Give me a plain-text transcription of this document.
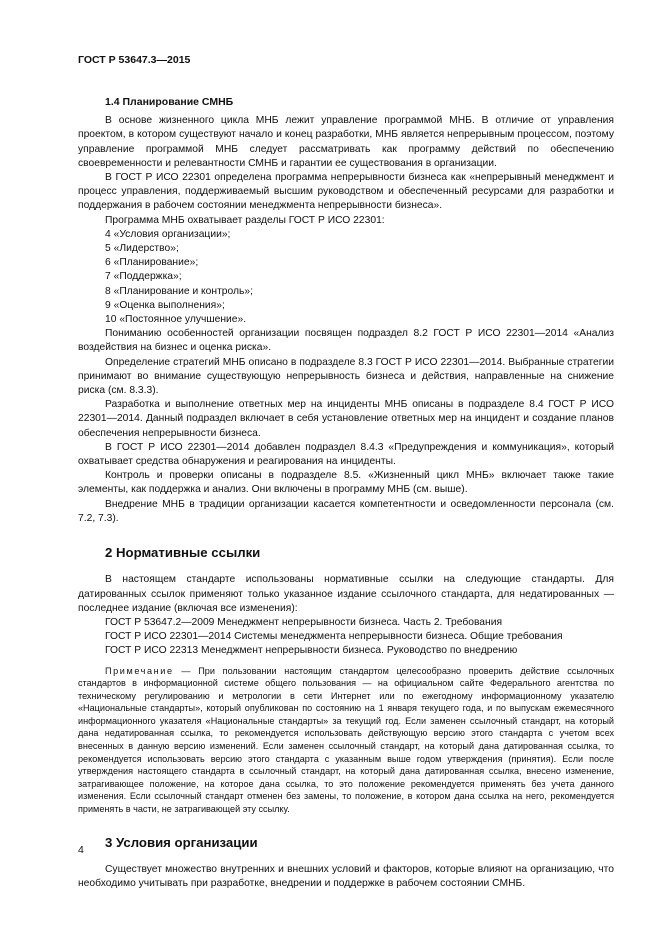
ГОСТ Р 53647.3—2015
1.4 Планирование СМНБ

В основе жизненного цикла МНБ лежит управление программой МНБ. В отличие от управления проектом, в котором существуют начало и конец разработки, МНБ является непрерывным процессом, поэтому управление программой МНБ следует рассматривать как программу действий по обеспечению своевременности и релевантности СМНБ и гарантии ее существования в организации.

В ГОСТ Р ИСО 22301 определена программа непрерывности бизнеса как «непрерывный менеджмент и процесс управления, поддерживаемый высшим руководством и обеспеченный ресурсами для разработки и поддержания в рабочем состоянии менеджмента непрерывности бизнеса».

Программа МНБ охватывает разделы ГОСТ Р ИСО 22301:

4 «Условия организации»;
5 «Лидерство»;
6 «Планирование»;
7 «Поддержка»;
8 «Планирование и контроль»;
9 «Оценка выполнения»;
10 «Постоянное улучшение».

Пониманию особенностей организации посвящен подраздел 8.2 ГОСТ Р ИСО 22301—2014 «Анализ воздействия на бизнес и оценка риска».

Определение стратегий МНБ описано в подразделе 8.3 ГОСТ Р ИСО 22301—2014. Выбранные стратегии принимают во внимание существующую непрерывность бизнеса и действия, направленные на снижение риска (см. 8.3.3).

Разработка и выполнение ответных мер на инциденты МНБ описаны в подразделе 8.4 ГОСТ Р ИСО 22301—2014. Данный подраздел включает в себя установление ответных мер на инцидент и создание планов обеспечения непрерывности бизнеса.

В ГОСТ Р ИСО 22301—2014 добавлен подраздел 8.4.3 «Предупреждения и коммуникация», который охватывает средства обнаружения и реагирования на инциденты.

Контроль и проверки описаны в подразделе 8.5. «Жизненный цикл МНБ» включает также такие элементы, как поддержка и анализ. Они включены в программу МНБ (см. выше).

Внедрение МНБ в традиции организации касается компетентности и осведомленности персонала (см. 7.2, 7.3).

2 Нормативные ссылки

В настоящем стандарте использованы нормативные ссылки на следующие стандарты. Для датированных ссылок применяют только указанное издание ссылочного стандарта, для недатированных — последнее издание (включая все изменения):

ГОСТ Р 53647.2—2009 Менеджмент непрерывности бизнеса. Часть 2. Требования

ГОСТ Р ИСО 22301—2014 Системы менеджмента непрерывности бизнеса. Общие требования

ГОСТ Р ИСО 22313 Менеджмент непрерывности бизнеса. Руководство по внедрению

Примечание — При пользовании настоящим стандартом целесообразно проверить действие ссылочных стандартов в информационной системе общего пользования — на официальном сайте Федерального агентства по техническому регулированию и метрологии в сети Интернет или по ежегодному информационному указателю «Национальные стандарты», который опубликован по состоянию на 1 января текущего года, и по выпускам ежемесячного информационного указателя «Национальные стандарты» за текущий год. Если заменен ссылочный стандарт, на который дана недатированная ссылка, то рекомендуется использовать действующую версию этого стандарта с учетом всех внесенных в данную версию изменений. Если заменен ссылочный стандарт, на который дана датированная ссылка, то рекомендуется использовать версию этого стандарта с указанным выше годом утверждения (принятия). Если после утверждения настоящего стандарта в ссылочный стандарт, на который дана датированная ссылка, внесено изменение, затрагивающее положение, на которое дана ссылка, то это положение рекомендуется применять без учета данного изменения. Если ссылочный стандарт отменен без замены, то положение, в котором дана ссылка на него, рекомендуется применять в части, не затрагивающей эту ссылку.

3 Условия организации

Существует множество внутренних и внешних условий и факторов, которые влияют на организацию, что необходимо учитывать при разработке, внедрении и поддержке в рабочем состоянии СМНБ.

4
